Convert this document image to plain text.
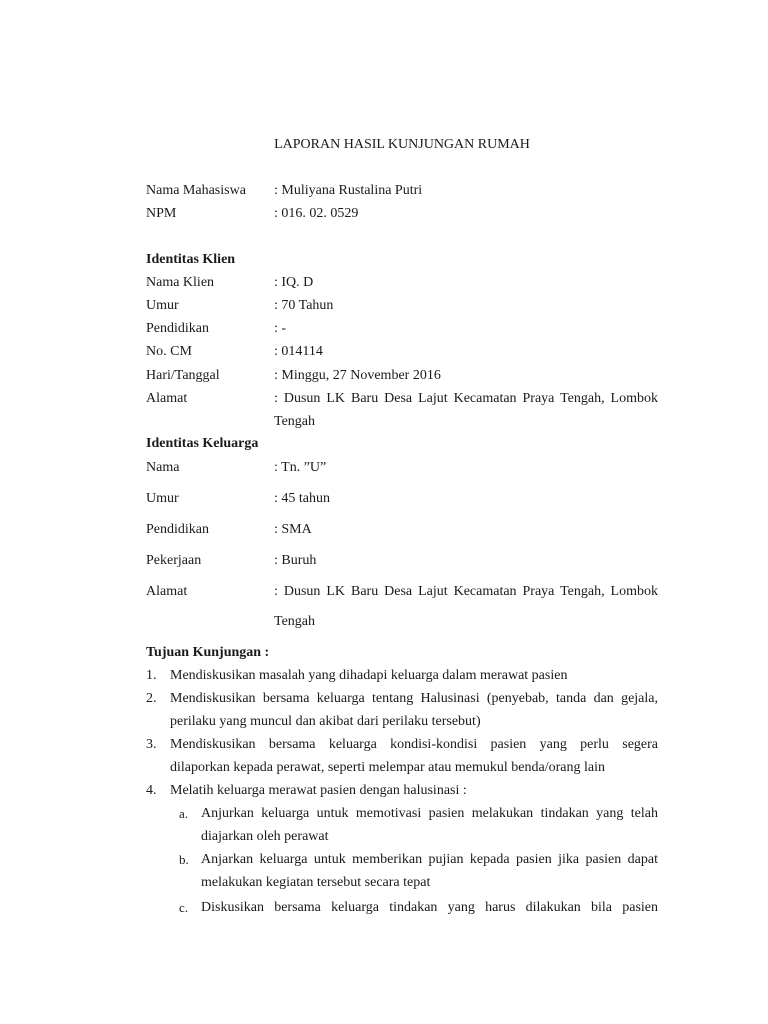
LAPORAN HASIL KUNJUNGAN RUMAH
Nama Mahasiswa : Muliyana Rustalina Putri
NPM	: 016. 02. 0529
Identitas Klien
Nama Klien	: IQ. D
Umur	: 70 Tahun
Pendidikan	: -
No. CM	: 014114
Hari/Tanggal	: Minggu, 27 November 2016
Alamat	: Dusun LK Baru Desa Lajut Kecamatan Praya Tengah, Lombok
Tengah
Identitas Keluarga
Nama	: Tn. ”U”
Umur	: 45 tahun
Pendidikan	: SMA
Pekerjaan	: Buruh
Alamat	: Dusun LK Baru Desa Lajut Kecamatan Praya Tengah, Lombok
Tengah
Tujuan Kunjungan :
1. Mendiskusikan masalah yang dihadapi keluarga dalam merawat pasien
2. Mendiskusikan bersama keluarga tentang Halusinasi (penyebab, tanda dan gejala,
perilaku yang muncul dan akibat dari perilaku tersebut)
3. Mendiskusikan bersama keluarga kondisi-kondisi pasien yang perlu segera
dilaporkan kepada perawat, seperti melempar atau memukul benda/orang lain
4. Melatih keluarga merawat pasien dengan halusinasi :
a. Anjurkan keluarga untuk memotivasi pasien melakukan tindakan yang telah
diajarkan oleh perawat
b. Anjarkan keluarga untuk memberikan pujian kepada pasien jika pasien dapat
melakukan kegiatan tersebut secara tepat
c. Diskusikan bersama keluarga tindakan yang harus dilakukan bila pasien
